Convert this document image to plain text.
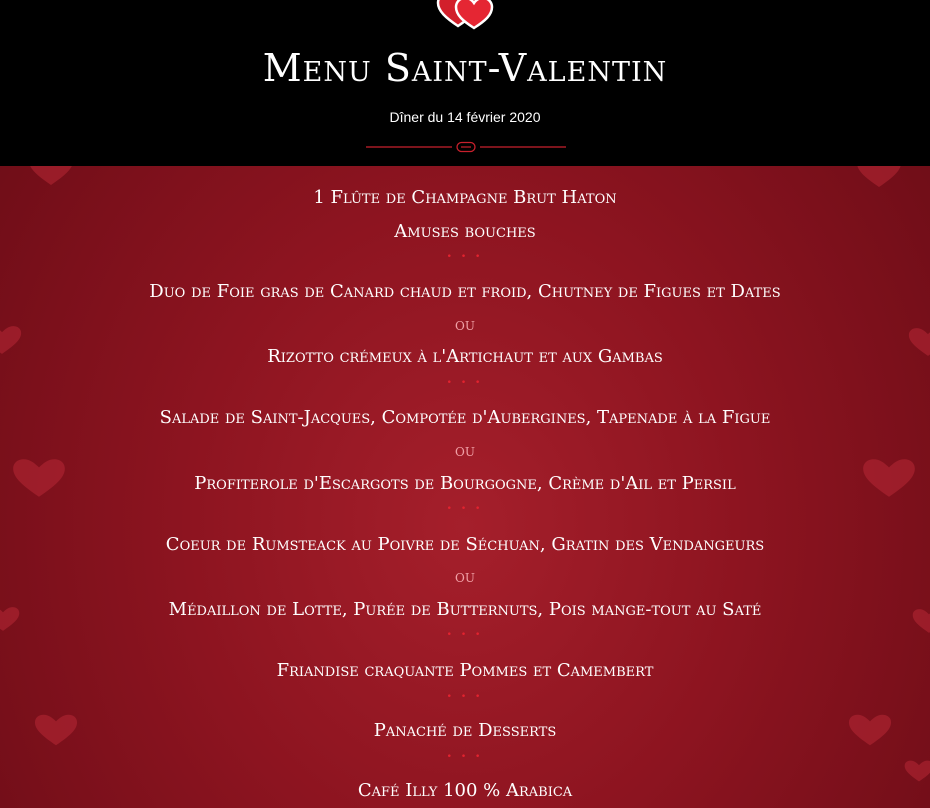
Menu Saint-Valentin
Dîner du 14 février 2020
1 Flûte de Champagne Brut Haton
Amuses bouches
• • •
Duo de Foie gras de Canard chaud et froid, Chutney de Figues et Dates
ou
Rizotto crémeux à l'Artichaut et aux Gambas
• • •
Salade de Saint-Jacques, Compotée d'Aubergines, Tapenade à la Figue
ou
Profiterole d'Escargots de Bourgogne, Crème d'Ail et Persil
• • •
Coeur de Rumsteack au Poivre de Séchuan, Gratin des Vendangeurs
ou
Médaillon de Lotte, Purée de Butternuts, Pois mange-tout au Saté
• • •
Friandise craquante Pommes et Camembert
• • •
Panaché de Desserts
• • •
Café Illy 100 % Arabica
